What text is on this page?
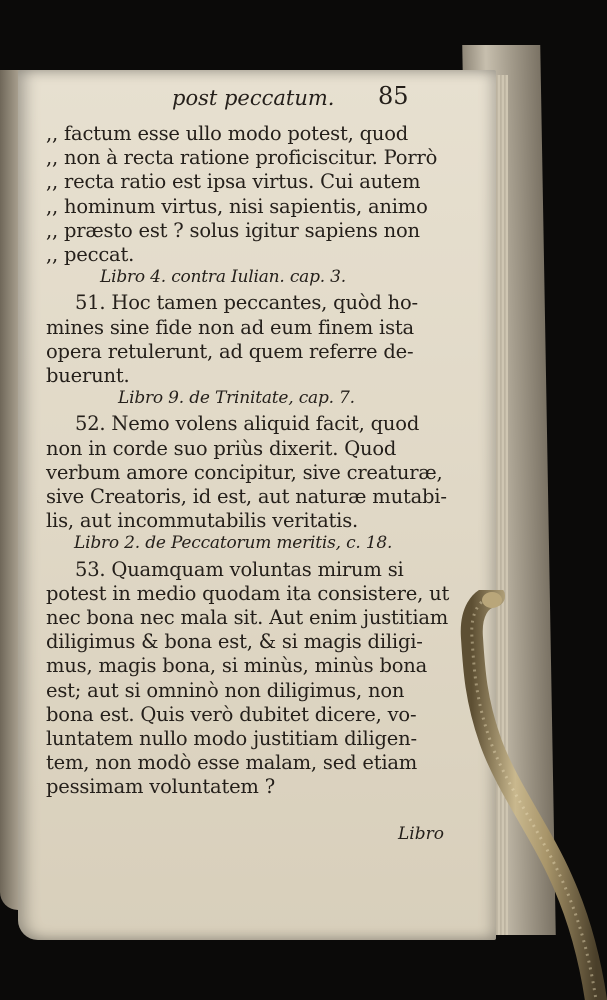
post peccatum. 85
,, factum esse ullo modo potest, quod
,, non à recta ratione proficiscitur. Porrò
,, recta ratio est ipsa virtus. Cui autem
,, hominum virtus, nisi sapientis, animo
,, præsto est ? solus igitur sapiens non
,, peccat.
Libro 4. contra Iulian. cap. 3.
51. Hoc tamen peccantes, quòd ho-
mines sine fide non ad eum finem ista
opera retulerunt, ad quem referre de-
buerunt.
Libro 9. de Trinitate, cap. 7.
52. Nemo volens aliquid facit, quod
non in corde suo priùs dixerit. Quod
verbum amore concipitur, sive creaturæ,
sive Creatoris, id est, aut naturæ mutabi-
lis, aut incommutabilis veritatis.
Libro 2. de Peccatorum meritis, c. 18.
53. Quamquam voluntas mirum si
potest in medio quodam ita consistere, ut
nec bona nec mala sit. Aut enim justitiam
diligimus & bona est, & si magis diligi-
mus, magis bona, si minùs, minùs bona
est; aut si omninò non diligimus, non
bona est. Quis verò dubitet dicere, vo-
luntatem nullo modo justitiam diligen-
tem, non modò esse malam, sed etiam
pessimam voluntatem ?
Libro
